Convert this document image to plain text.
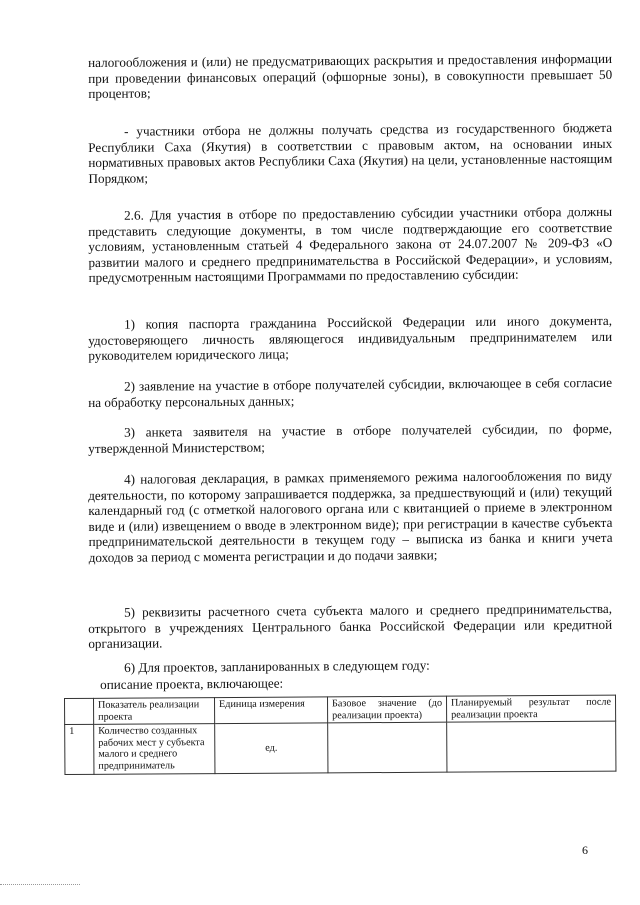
налогообложения и (или) не предусматривающих раскрытия и предоставления информации при проведении финансовых операций (офшорные зоны), в совокупности превышает 50 процентов;

- участники отбора не должны получать средства из государственного бюджета Республики Саха (Якутия) в соответствии с правовым актом, на основании иных нормативных правовых актов Республики Саха (Якутия) на цели, установленные настоящим Порядком;

2.6. Для участия в отборе по предоставлению субсидии участники отбора должны представить следующие документы, в том числе подтверждающие его соответствие условиям, установленным статьей 4 Федерального закона от 24.07.2007 № 209-ФЗ «О развитии малого и среднего предпринимательства в Российской Федерации», и условиям, предусмотренным настоящими Программами по предоставлению субсидии:

1) копия паспорта гражданина Российской Федерации или иного документа, удостоверяющего личность являющегося индивидуальным предпринимателем или руководителем юридического лица;

2) заявление на участие в отборе получателей субсидии, включающее в себя согласие на обработку персональных данных;

3) анкета заявителя на участие в отборе получателей субсидии, по форме, утвержденной Министерством;

4) налоговая декларация, в рамках применяемого режима налогообложения по виду деятельности, по которому запрашивается поддержка, за предшествующий и (или) текущий календарный год (с отметкой налогового органа или с квитанцией о приеме в электронном виде и (или) извещением о вводе в электронном виде); при регистрации в качестве субъекта предпринимательской деятельности в текущем году – выписка из банка и книги учета доходов за период с момента регистрации и до подачи заявки;

5) реквизиты расчетного счета субъекта малого и среднего предпринимательства, открытого в учреждениях Центрального банка Российской Федерации или кредитной организации.

6) Для проектов, запланированных в следующем году:

описание проекта, включающее:

	Показатель реализации проекта	Единица измерения	Базовое значение (до реализации проекта)	Планируемый результат после реализации проекта
1	Количество созданных рабочих мест у субъекта малого и среднего предприниматель	ед.		
6
